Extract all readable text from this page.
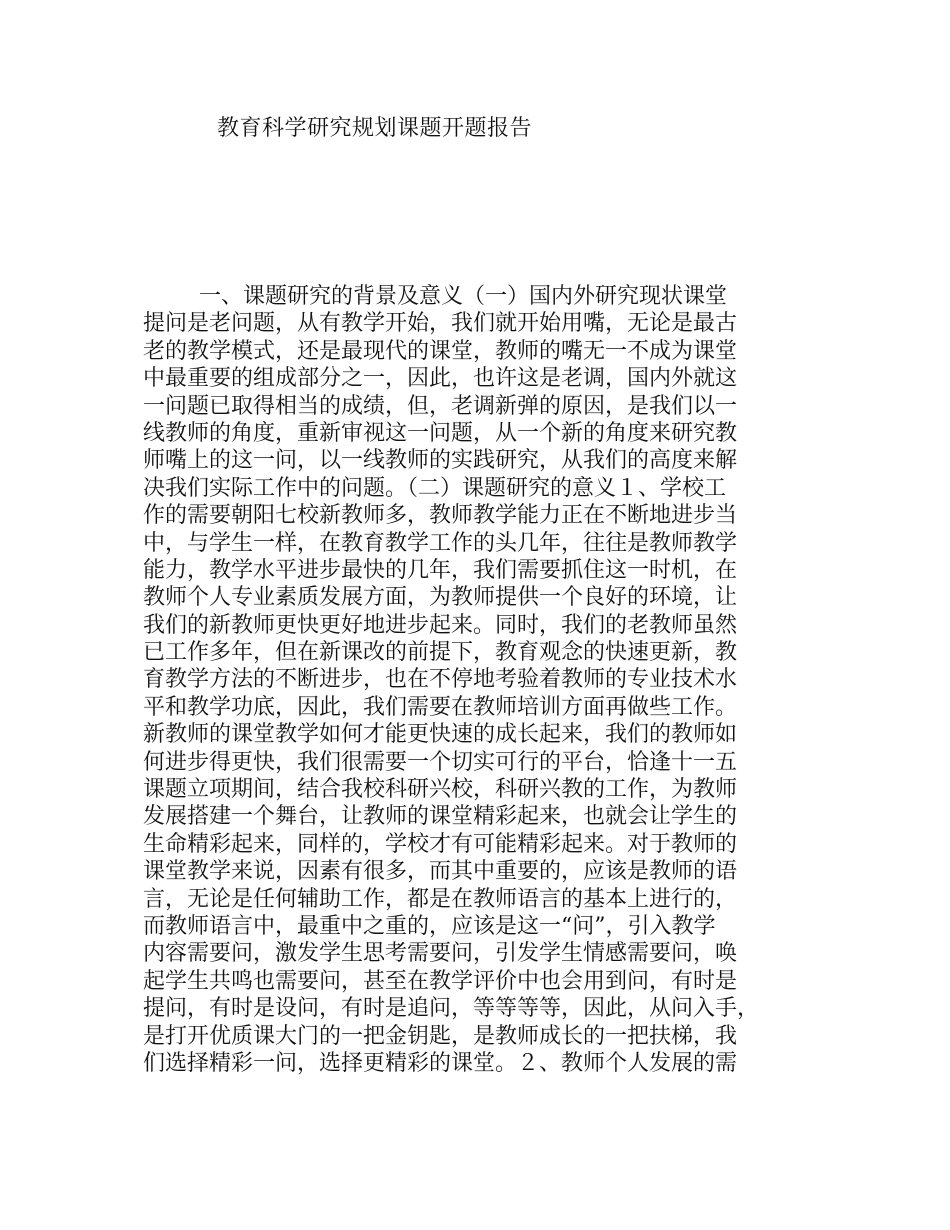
教育科学研究规划课题开题报告
一、课题研究的背景及意义（一）国内外研究现状课堂
提问是老问题，从有教学开始，我们就开始用嘴，无论是最古
老的教学模式，还是最现代的课堂，教师的嘴无一不成为课堂
中最重要的组成部分之一，因此，也许这是老调，国内外就这
一问题已取得相当的成绩，但，老调新弹的原因，是我们以一
线教师的角度，重新审视这一问题，从一个新的角度来研究教
师嘴上的这一问，以一线教师的实践研究，从我们的高度来解
决我们实际工作中的问题。（二）课题研究的意义１、学校工
作的需要朝阳七校新教师多，教师教学能力正在不断地进步当
中，与学生一样，在教育教学工作的头几年，往往是教师教学
能力，教学水平进步最快的几年，我们需要抓住这一时机，在
教师个人专业素质发展方面，为教师提供一个良好的环境，让
我们的新教师更快更好地进步起来。同时，我们的老教师虽然
已工作多年，但在新课改的前提下，教育观念的快速更新，教
育教学方法的不断进步，也在不停地考验着教师的专业技术水
平和教学功底，因此，我们需要在教师培训方面再做些工作。
新教师的课堂教学如何才能更快速的成长起来，我们的教师如
何进步得更快，我们很需要一个切实可行的平台，恰逢十一五
课题立项期间，结合我校科研兴校，科研兴教的工作，为教师
发展搭建一个舞台，让教师的课堂精彩起来，也就会让学生的
生命精彩起来，同样的，学校才有可能精彩起来。对于教师的
课堂教学来说，因素有很多，而其中重要的，应该是教师的语
言，无论是任何辅助工作，都是在教师语言的基本上进行的，
而教师语言中，最重中之重的，应该是这一“问”，引入教学
内容需要问，激发学生思考需要问，引发学生情感需要问，唤
起学生共鸣也需要问，甚至在教学评价中也会用到问，有时是
提问，有时是设问，有时是追问，等等等等，因此，从问入手，
是打开优质课大门的一把金钥匙，是教师成长的一把扶梯，我
们选择精彩一问，选择更精彩的课堂。２、教师个人发展的需
